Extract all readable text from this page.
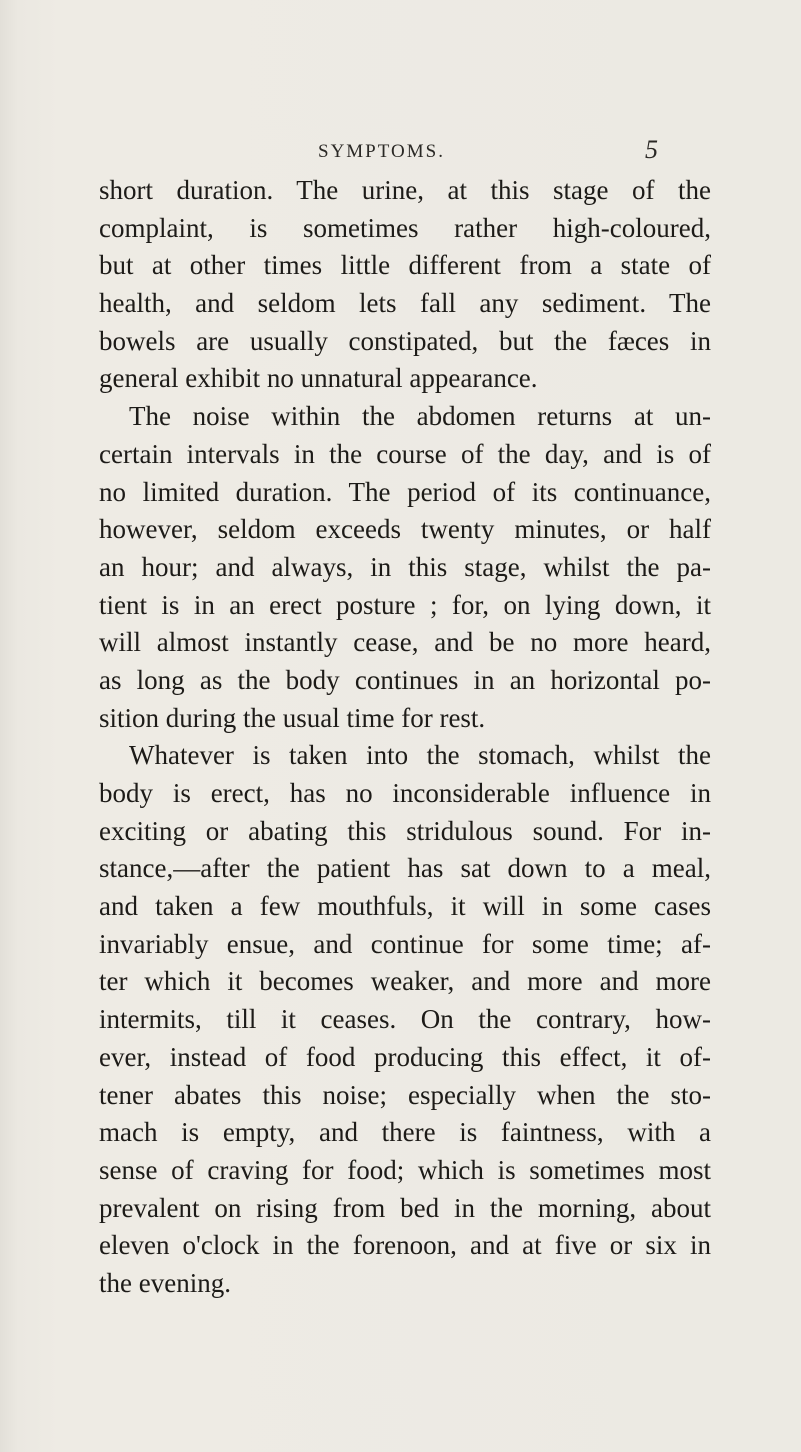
SYMPTOMS.	5
short duration. The urine, at this stage of the
complaint, is sometimes rather high-coloured,
but at other times little different from a state of
health, and seldom lets fall any sediment. The
bowels are usually constipated, but the fæces in
general exhibit no unnatural appearance.
The noise within the abdomen returns at un-
certain intervals in the course of the day, and is of
no limited duration. The period of its continuance,
however, seldom exceeds twenty minutes, or half
an hour; and always, in this stage, whilst the pa-
tient is in an erect posture ; for, on lying down, it
will almost instantly cease, and be no more heard,
as long as the body continues in an horizontal po-
sition during the usual time for rest.
Whatever is taken into the stomach, whilst the
body is erect, has no inconsiderable influence in
exciting or abating this stridulous sound. For in-
stance,—after the patient has sat down to a meal,
and taken a few mouthfuls, it will in some cases
invariably ensue, and continue for some time; af-
ter which it becomes weaker, and more and more
intermits, till it ceases. On the contrary, how-
ever, instead of food producing this effect, it of-
tener abates this noise; especially when the sto-
mach is empty, and there is faintness, with a
sense of craving for food; which is sometimes most
prevalent on rising from bed in the morning, about
eleven o'clock in the forenoon, and at five or six in
the evening.
